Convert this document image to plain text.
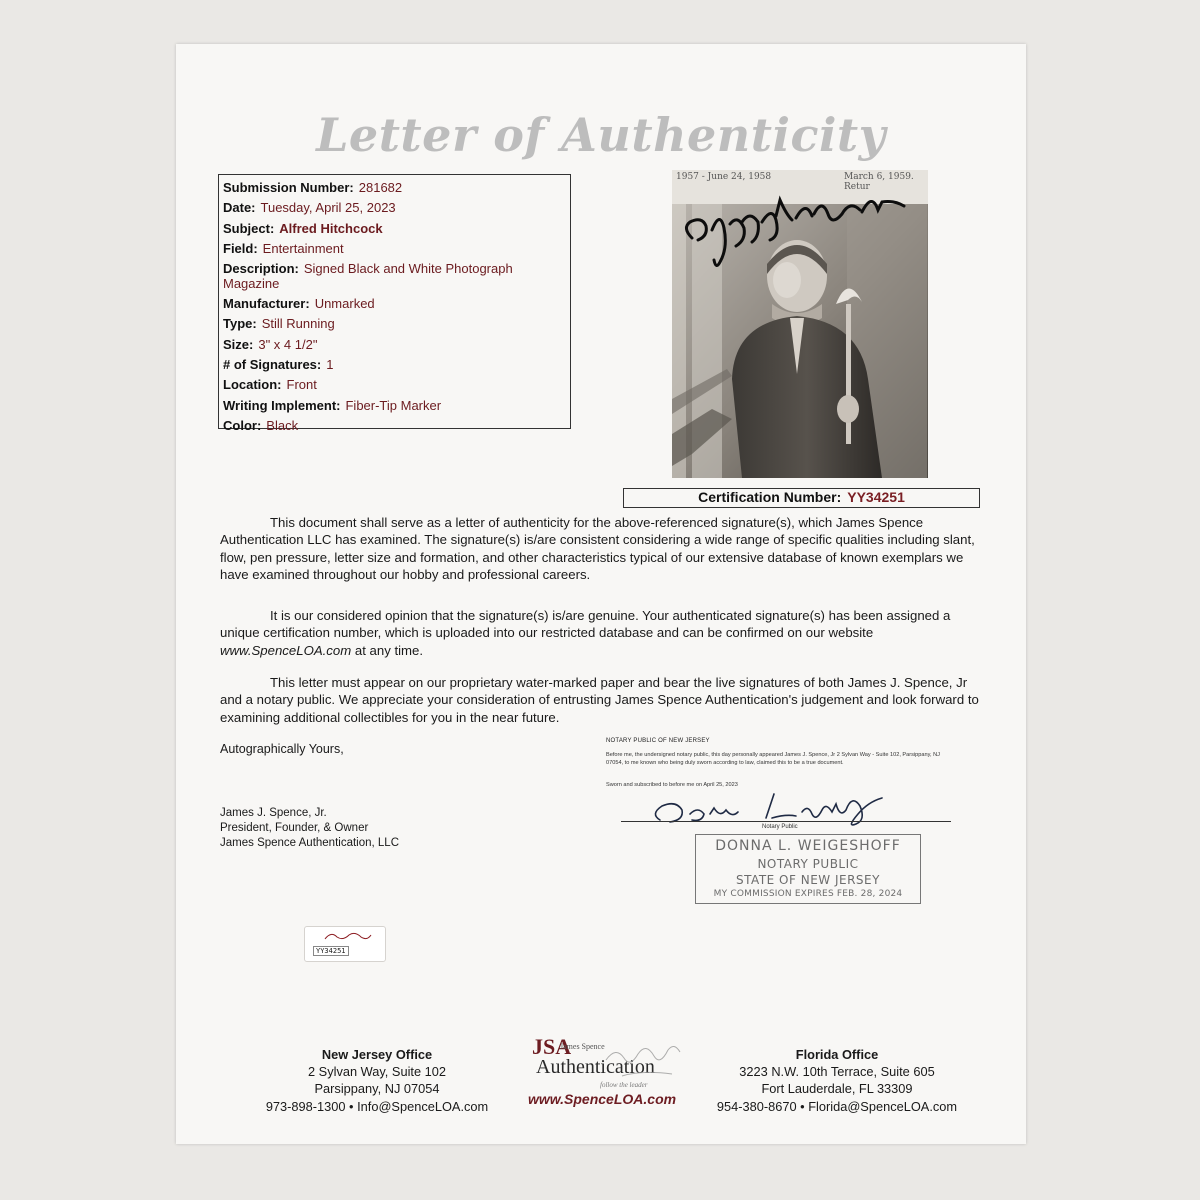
Letter of Authenticity
Submission Number: 281682
Date: Tuesday, April 25, 2023
Subject: Alfred Hitchcock
Field: Entertainment
Description: Signed Black and White Photograph
Magazine
Manufacturer: Unmarked
Type: Still Running
Size: 3" x 4 1/2"
# of Signatures: 1
Location: Front
Writing Implement: Fiber-Tip Marker
Color: Black
1957 - June 24, 1958	March 6, 1959. Retur
Certification Number: YY34251
This document shall serve as a letter of authenticity for the above-referenced signature(s), which James Spence Authentication LLC has examined. The signature(s) is/are consistent considering a wide range of specific qualities including slant, flow, pen pressure, letter size and formation, and other characteristics typical of our extensive database of known exemplars we have examined throughout our hobby and professional careers.
It is our considered opinion that the signature(s) is/are genuine. Your authenticated signature(s) has been assigned a unique certification number, which is uploaded into our restricted database and can be confirmed on our website www.SpenceLOA.com at any time.
This letter must appear on our proprietary water-marked paper and bear the live signatures of both James J. Spence, Jr and a notary public. We appreciate your consideration of entrusting James Spence Authentication's judgement and look forward to examining additional collectibles for you in the near future.
Autographically Yours,
James J. Spence, Jr.
President, Founder, & Owner
James Spence Authentication, LLC
NOTARY PUBLIC OF NEW JERSEY
Before me, the undersigned notary public, this day personally appeared James J. Spence, Jr 2 Sylvan Way - Suite 102, Parsippany, NJ 07054, to me known who being duly sworn according to law, claimed this to be a true document.
Sworn and subscribed to before me on April 25, 2023
Notary Public
DONNA L. WEIGESHOFF
NOTARY PUBLIC
STATE OF NEW JERSEY
MY COMMISSION EXPIRES FEB. 28, 2024
YY34251
New Jersey Office
2 Sylvan Way, Suite 102
Parsippany, NJ 07054
973-898-1300 • Info@SpenceLOA.com
JSA
James Spence
Authentication
follow the leader
www.SpenceLOA.com
Florida Office
3223 N.W. 10th Terrace, Suite 605
Fort Lauderdale, FL 33309
954-380-8670 • Florida@SpenceLOA.com
